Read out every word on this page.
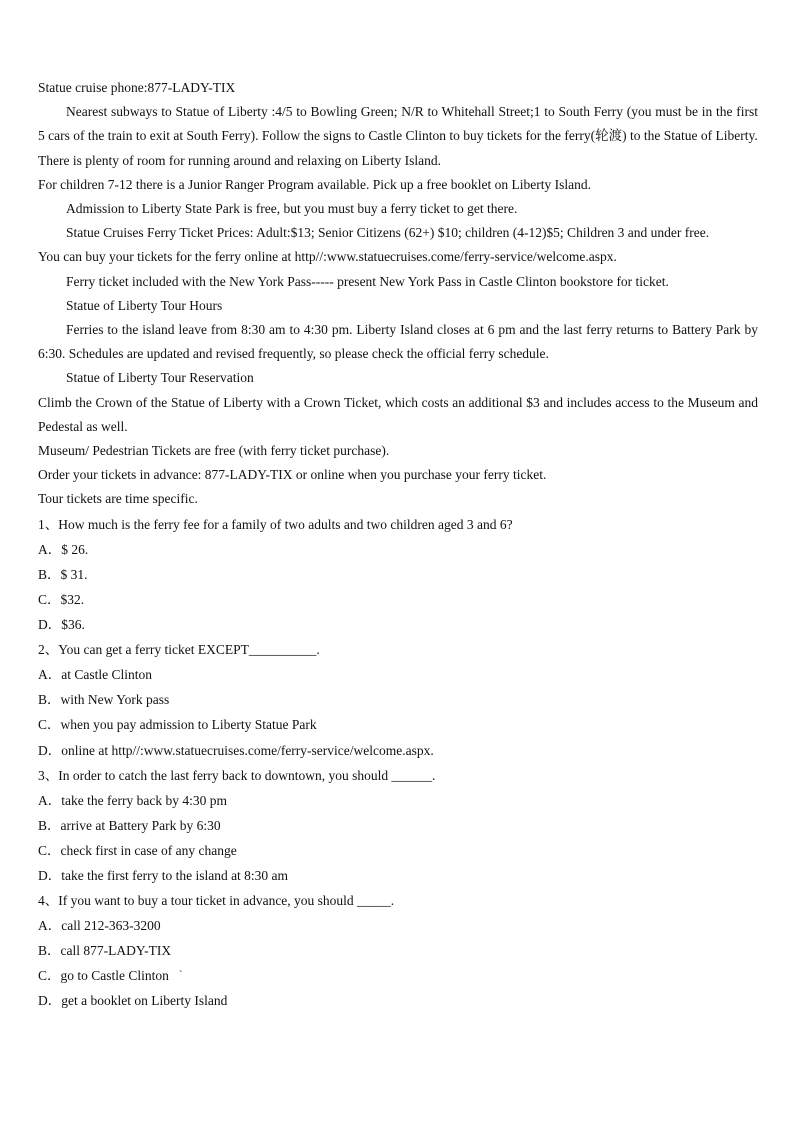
Statue cruise phone:877-LADY-TIX

Nearest subways to Statue of Liberty :4/5 to Bowling Green; N/R to Whitehall Street;1 to South Ferry (you must be in the first 5 cars of the train to exit at South Ferry). Follow the signs to Castle Clinton to buy tickets for the ferry(轮渡) to the Statue of Liberty.

There is plenty of room for running around and relaxing on Liberty Island.

For children 7-12 there is a Junior Ranger Program available. Pick up a free booklet on Liberty Island.

Admission to Liberty State Park is free, but you must buy a ferry ticket to get there.

Statue Cruises Ferry Ticket Prices: Adult:$13; Senior Citizens (62+) $10; children (4-12)$5; Children 3 and under free.

You can buy your tickets for the ferry online at http//:www.statuecruises.come/ferry-service/welcome.aspx.

Ferry ticket included with the New York Pass----- present New York Pass in Castle Clinton bookstore for ticket.

Statue of Liberty Tour Hours

Ferries to the island leave from 8:30 am to 4:30 pm. Liberty Island closes at 6 pm and the last ferry returns to Battery Park by 6:30. Schedules are updated and revised frequently, so please check the official ferry schedule.

Statue of Liberty Tour Reservation

Climb the Crown of the Statue of Liberty with a Crown Ticket, which costs an additional $3 and includes access to the Museum and Pedestal as well.

Museum/ Pedestrian Tickets are free (with ferry ticket purchase).

Order your tickets in advance: 877-LADY-TIX or online when you purchase your ferry ticket.

Tour tickets are time specific.

1、How much is the ferry fee for a family of two adults and two children aged 3 and 6?

A．$ 26.

B．$ 31.

C．$32.

D．$36.

2、You can get a ferry ticket EXCEPT__________.

A．at Castle Clinton

B．with New York pass

C．when you pay admission to Liberty Statue Park

D．online at http//:www.statuecruises.come/ferry-service/welcome.aspx.

3、In order to catch the last ferry back to downtown, you should ______.

A．take the ferry back by 4:30 pm

B．arrive at Battery Park by 6:30

C．check first in case of any change

D．take the first ferry to the island at 8:30 am

4、If you want to buy a tour ticket in advance, you should _____.

A．call 212-363-3200

B．call 877-LADY-TIX

C．go to Castle Clinton `

D．get a booklet on Liberty Island
